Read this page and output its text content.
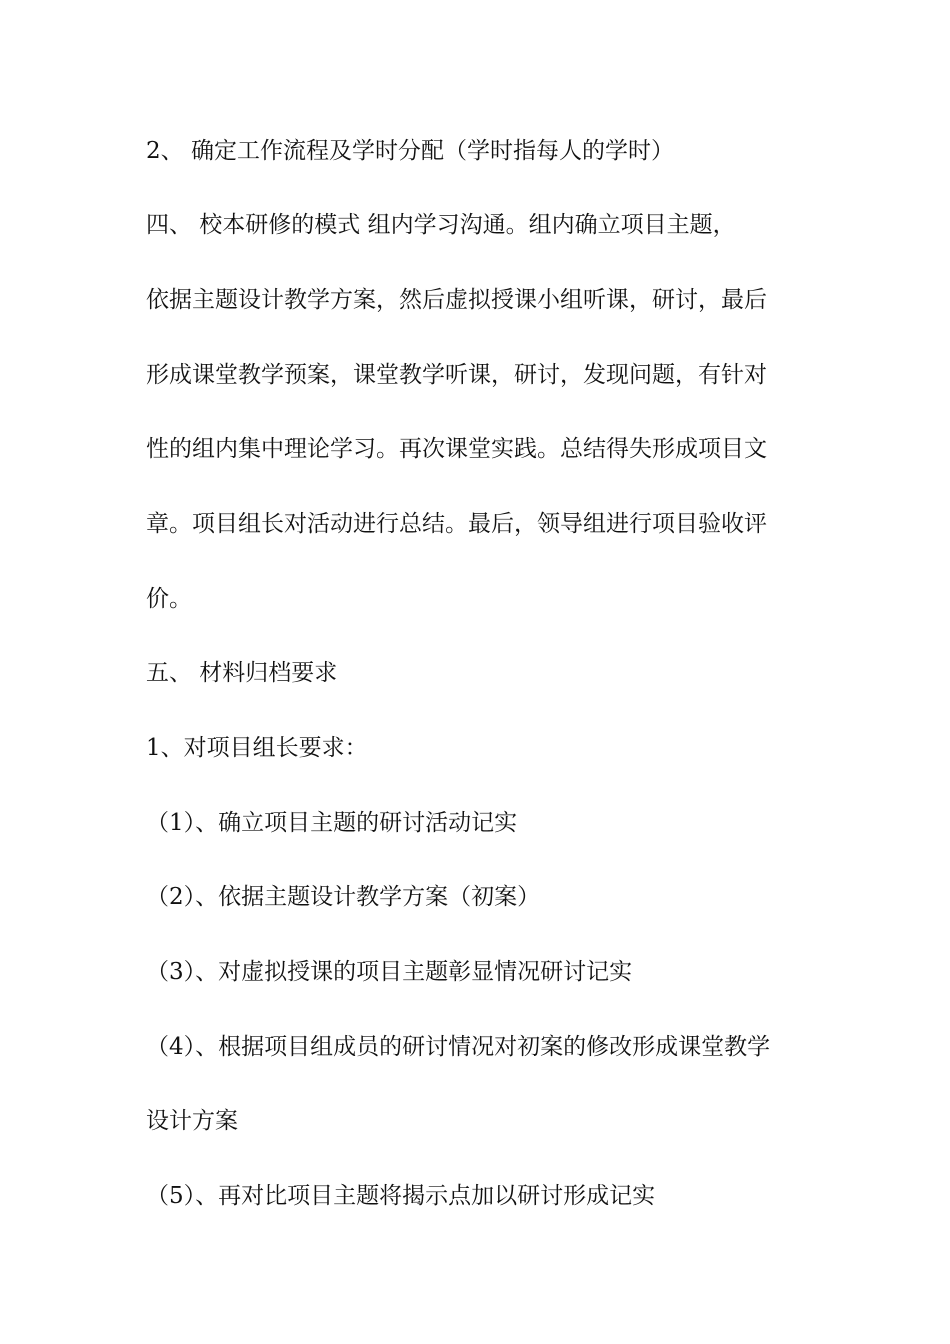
2、 确定工作流程及学时分配（学时指每人的学时）

四、 校本研修的模式 组内学习沟通。组内确立项目主题，

依据主题设计教学方案，然后虚拟授课小组听课，研讨，最后

形成课堂教学预案，课堂教学听课，研讨，发现问题，有针对

性的组内集中理论学习。再次课堂实践。总结得失形成项目文

章。项目组长对活动进行总结。最后，领导组进行项目验收评

价。

五、 材料归档要求

1、对项目组长要求：

（1）、确立项目主题的研讨活动记实

（2）、依据主题设计教学方案（初案）

（3）、对虚拟授课的项目主题彰显情况研讨记实

（4）、根据项目组成员的研讨情况对初案的修改形成课堂教学

设计方案

（5）、再对比项目主题将揭示点加以研讨形成记实
